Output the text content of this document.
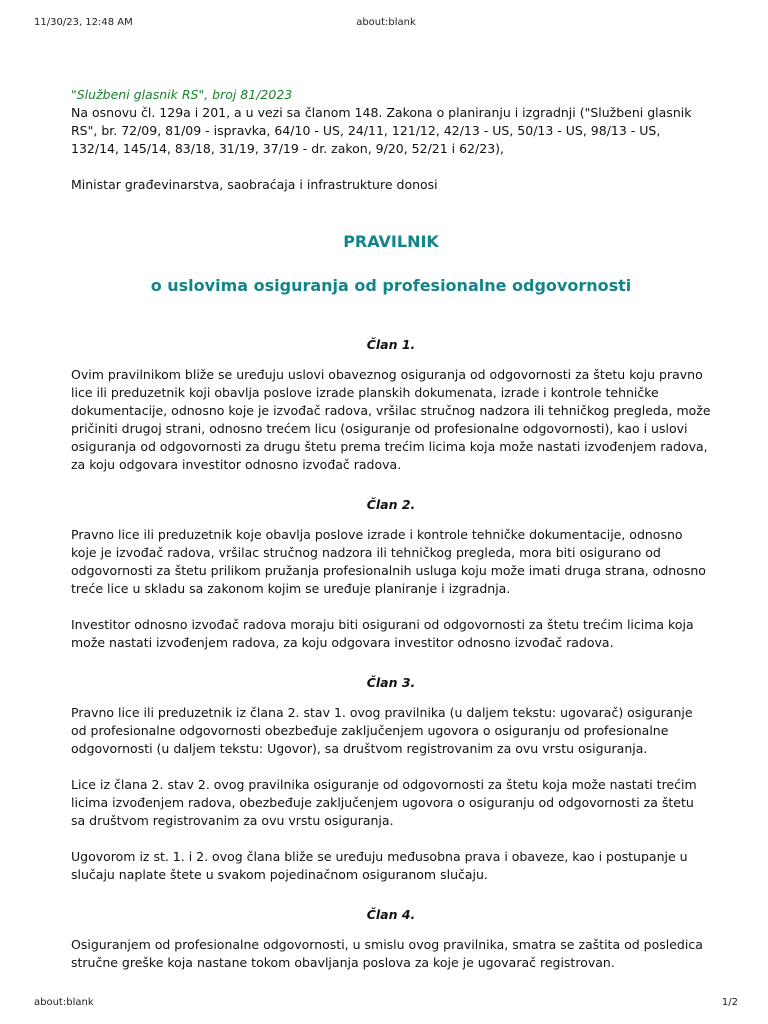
11/30/23, 12:48 AM	about:blank

"Službeni glasnik RS", broj 81/2023

Na osnovu čl. 129a i 201, a u vezi sa članom 148. Zakona o planiranju i izgradnji ("Službeni glasnik RS", br. 72/09, 81/09 - ispravka, 64/10 - US, 24/11, 121/12, 42/13 - US, 50/13 - US, 98/13 - US, 132/14, 145/14, 83/18, 31/19, 37/19 - dr. zakon, 9/20, 52/21 i 62/23),

Ministar građevinarstva, saobraćaja i infrastrukture donosi

PRAVILNIK
o uslovima osiguranja od profesionalne odgovornosti

Član 1.

Ovim pravilnikom bliže se uređuju uslovi obaveznog osiguranja od odgovornosti za štetu koju pravno lice ili preduzetnik koji obavlja poslove izrade planskih dokumenata, izrade i kontrole tehničke dokumentacije, odnosno koje je izvođač radova, vršilac stručnog nadzora ili tehničkog pregleda, može pričiniti drugoj strani, odnosno trećem licu (osiguranje od profesionalne odgovornosti), kao i uslovi osiguranja od odgovornosti za drugu štetu prema trećim licima koja može nastati izvođenjem radova, za koju odgovara investitor odnosno izvođač radova.

Član 2.

Pravno lice ili preduzetnik koje obavlja poslove izrade i kontrole tehničke dokumentacije, odnosno koje je izvođač radova, vršilac stručnog nadzora ili tehničkog pregleda, mora biti osigurano od odgovornosti za štetu prilikom pružanja profesionalnih usluga koju može imati druga strana, odnosno treće lice u skladu sa zakonom kojim se uređuje planiranje i izgradnja.

Investitor odnosno izvođač radova moraju biti osigurani od odgovornosti za štetu trećim licima koja može nastati izvođenjem radova, za koju odgovara investitor odnosno izvođač radova.

Član 3.

Pravno lice ili preduzetnik iz člana 2. stav 1. ovog pravilnika (u daljem tekstu: ugovarač) osiguranje od profesionalne odgovornosti obezbeđuje zaključenjem ugovora o osiguranju od profesionalne odgovornosti (u daljem tekstu: Ugovor), sa društvom registrovanim za ovu vrstu osiguranja.

Lice iz člana 2. stav 2. ovog pravilnika osiguranje od odgovornosti za štetu koja može nastati trećim licima izvođenjem radova, obezbeđuje zaključenjem ugovora o osiguranju od odgovornosti za štetu sa društvom registrovanim za ovu vrstu osiguranja.

Ugovorom iz st. 1. i 2. ovog člana bliže se uređuju međusobna prava i obaveze, kao i postupanje u slučaju naplate štete u svakom pojedinačnom osiguranom slučaju.

Član 4.

Osiguranjem od profesionalne odgovornosti, u smislu ovog pravilnika, smatra se zaštita od posledica stručne greške koja nastane tokom obavljanja poslova za koje je ugovarač registrovan.

about:blank	1/2
